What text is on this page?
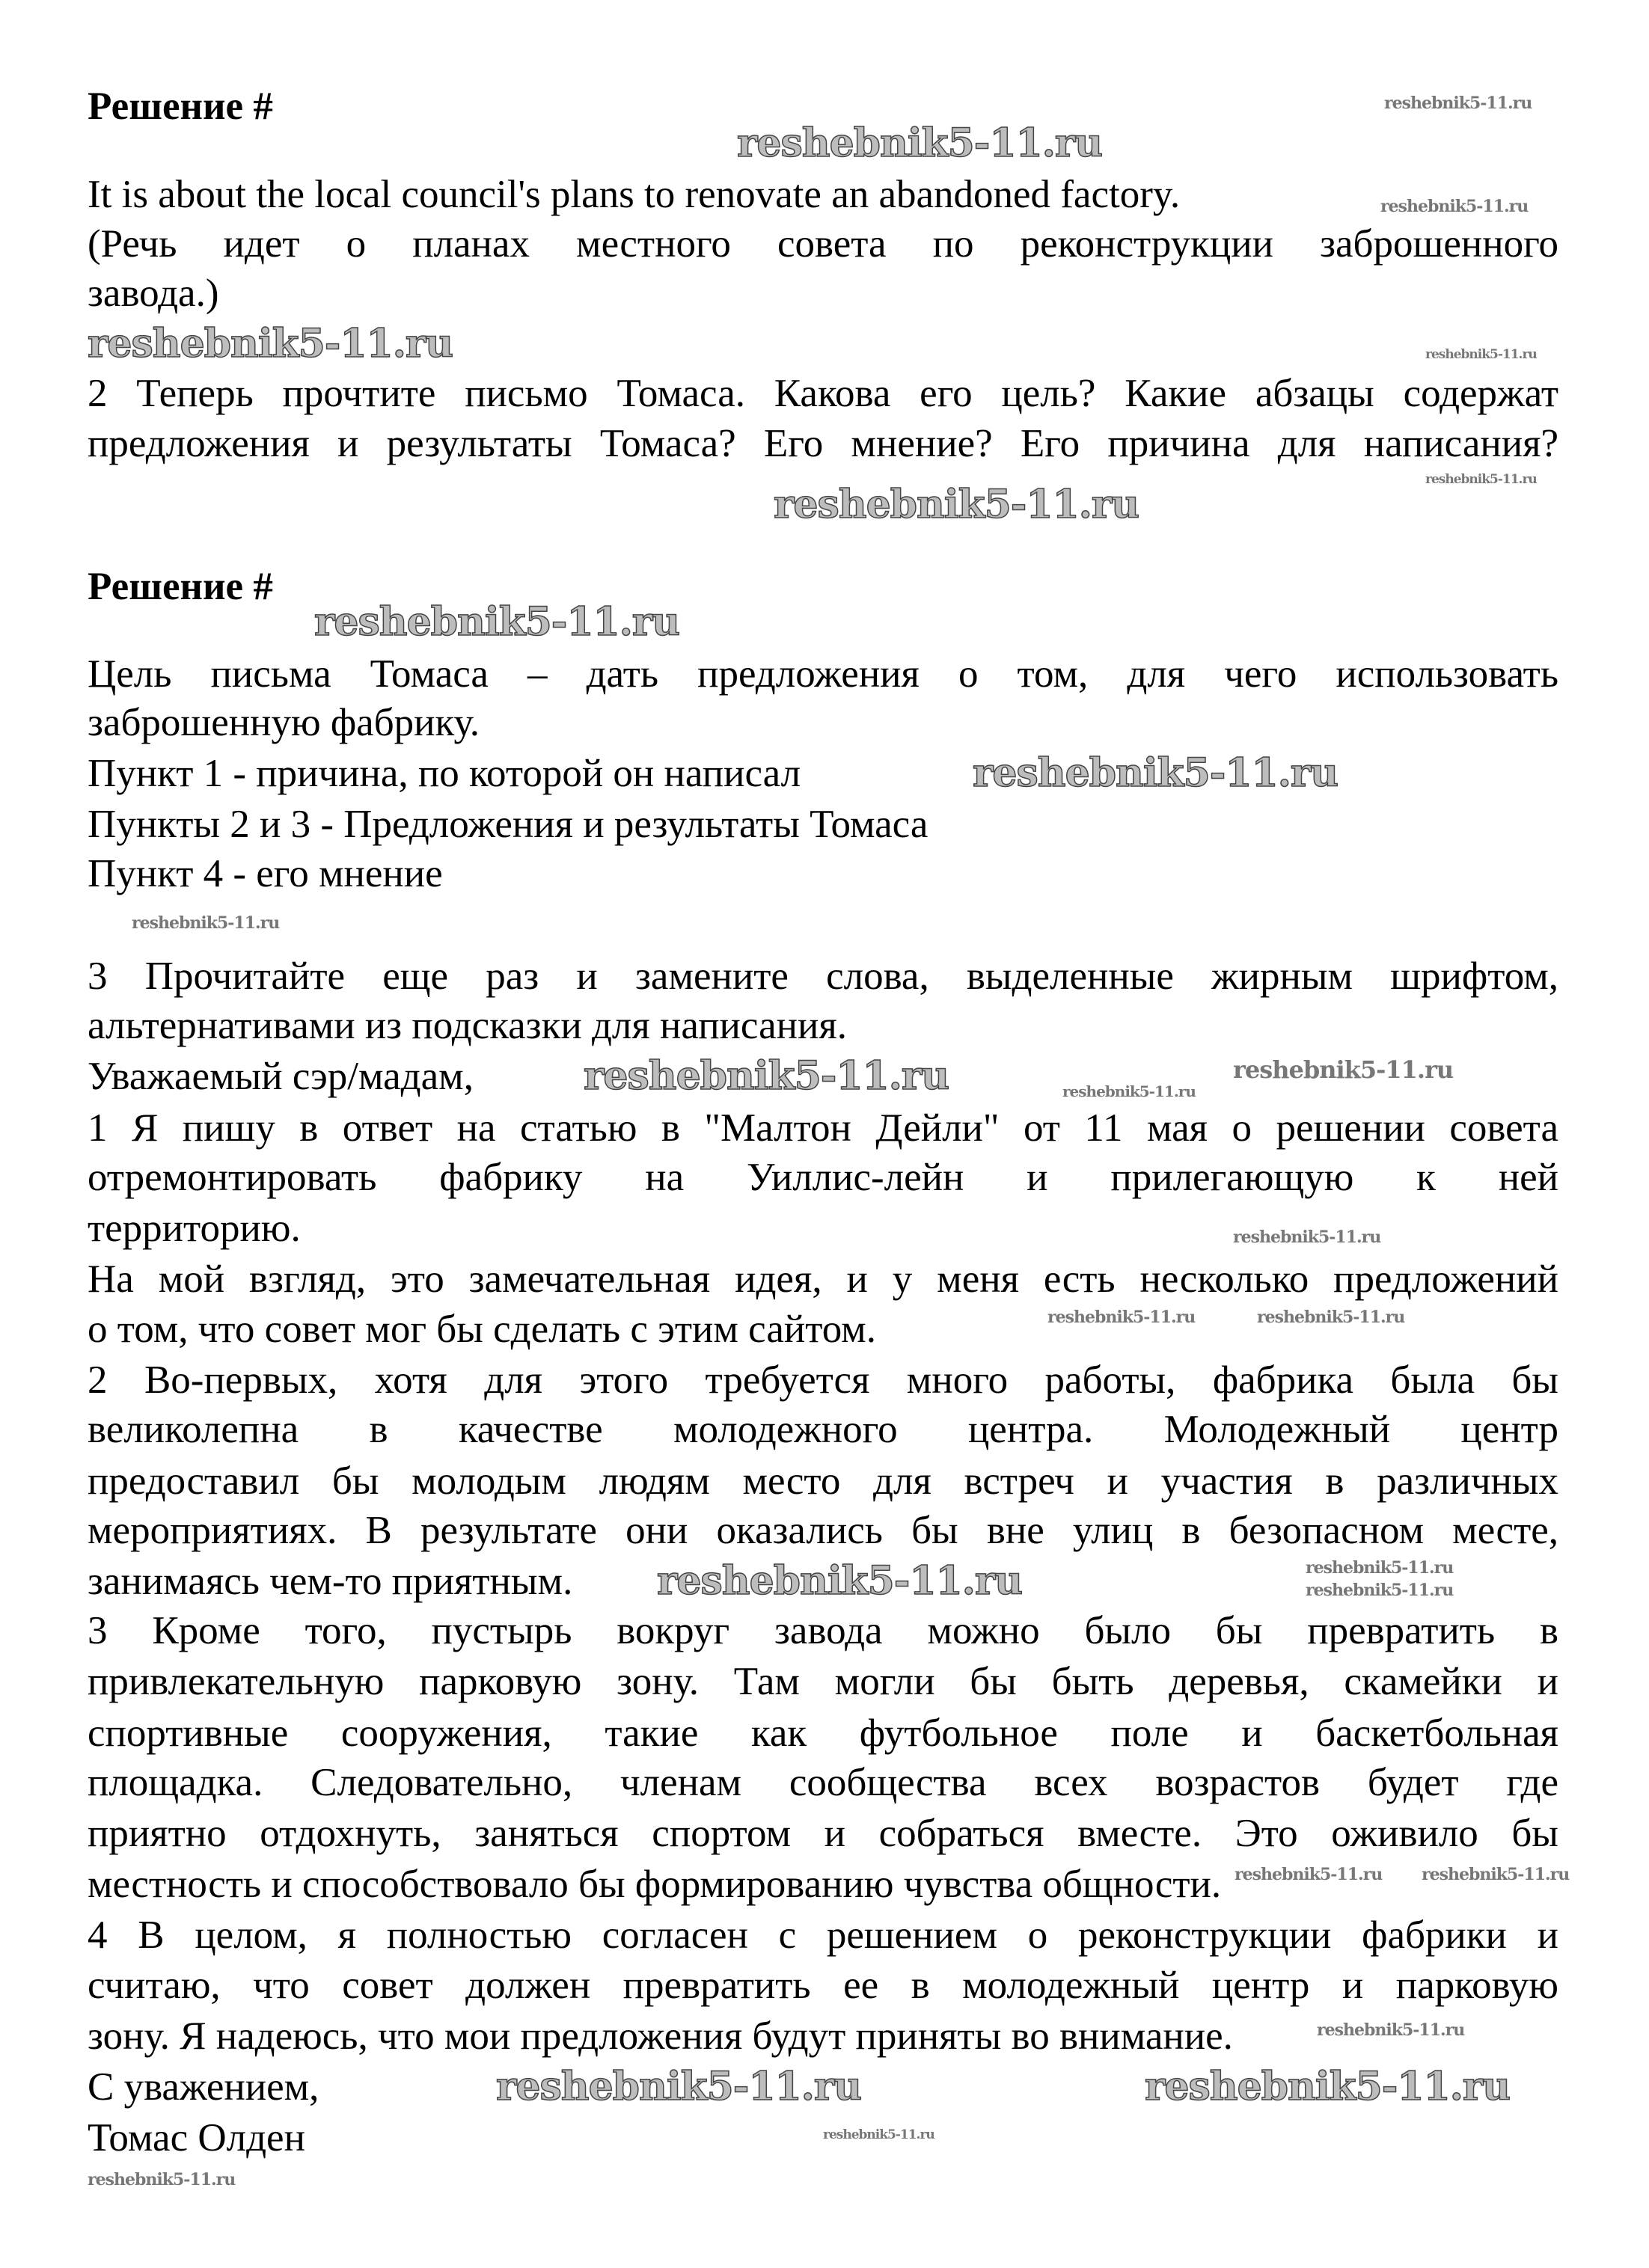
reshebnik5-11.ru
reshebnik5-11.ru
reshebnik5-11.ru
reshebnik5-11.ru	reshebnik5-11.ru
reshebnik5-11.ru
reshebnik5-11.ru
reshebnik5-11.ru
reshebnik5-11.ru
reshebnik5-11.ru
reshebnik5-11.ru	reshebnik5-11.ru
reshebnik5-11.ru
reshebnik5-11.ru
reshebnik5-11.ru
reshebnik5-11.ru
reshebnik5-11.ru
reshebnik5-11.ru	reshebnik5-11.ru
reshebnik5-11.ru reshebnik5-11.ru
reshebnik5-11.ru
reshebnik5-11.ru
reshebnik5-11.ru	reshebnik5-11.ru
reshebnik5-11.ru
Решение #
It is about the local council's plans to renovate an abandoned factory.
(Речь идет о планах местного совета по реконструкции заброшенного
завода.)
2 Теперь прочтите письмо Томаса. Какова его цель? Какие абзацы содержат
предложения и результаты Томаса? Его мнение? Его причина для написания?
Решение #
Цель письма Томаса – дать предложения о том, для чего использовать
заброшенную фабрику.
Пункт 1 - причина, по которой он написал
Пункты 2 и 3 - Предложения и результаты Томаса
Пункт 4 - его мнение
3 Прочитайте еще раз и замените слова, выделенные жирным шрифтом,
альтернативами из подсказки для написания.
Уважаемый сэр/мадам,
1 Я пишу в ответ на статью в "Малтон Дейли" от 11 мая о решении совета
отремонтировать фабрику на Уиллис-лейн и прилегающую к ней
территорию.
На мой взгляд, это замечательная идея, и у меня есть несколько предложений
о том, что совет мог бы сделать с этим сайтом.
2 Во-первых, хотя для этого требуется много работы, фабрика была бы
великолепна в качестве молодежного центра. Молодежный центр
предоставил бы молодым людям место для встреч и участия в различных
мероприятиях. В результате они оказались бы вне улиц в безопасном месте,
занимаясь чем-то приятным.
3 Кроме того, пустырь вокруг завода можно было бы превратить в
привлекательную парковую зону. Там могли бы быть деревья, скамейки и
спортивные сооружения, такие как футбольное поле и баскетбольная
площадка. Следовательно, членам сообщества всех возрастов будет где
приятно отдохнуть, заняться спортом и собраться вместе. Это оживило бы
местность и способствовало бы формированию чувства общности.
4 В целом, я полностью согласен с решением о реконструкции фабрики и
считаю, что совет должен превратить ее в молодежный центр и парковую
зону. Я надеюсь, что мои предложения будут приняты во внимание.
С уважением,
Томас Олден
